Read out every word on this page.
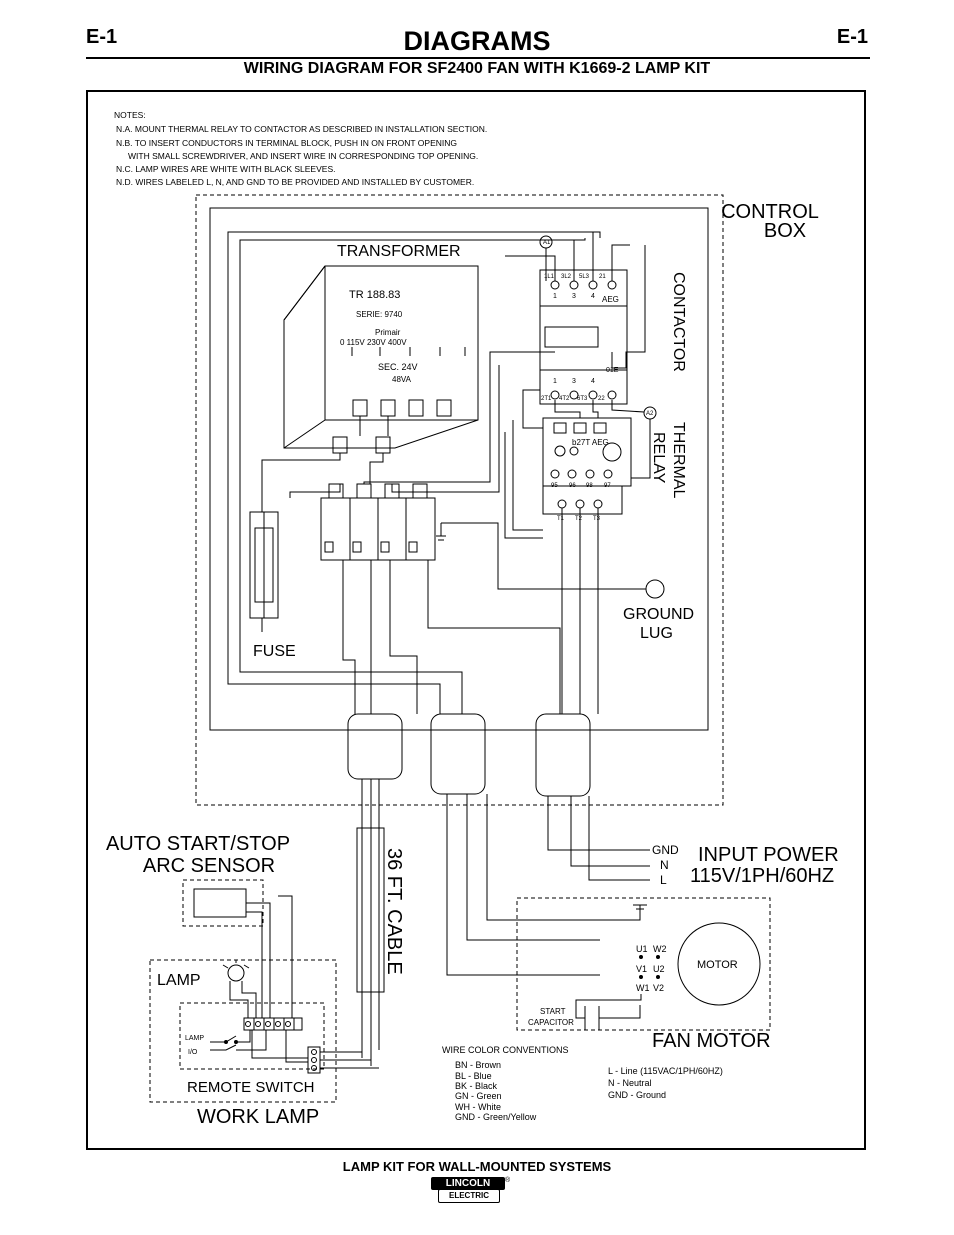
E-1	E-1
DIAGRAMS
WIRING DIAGRAM FOR SF2400 FAN WITH K1669-2 LAMP KIT
NOTES:
N.A. MOUNT THERMAL RELAY TO CONTACTOR AS DESCRIBED IN INSTALLATION SECTION.
N.B. TO INSERT CONDUCTORS IN TERMINAL BLOCK, PUSH IN ON FRONT OPENING
WITH SMALL SCREWDRIVER, AND INSERT WIRE IN CORRESPONDING TOP OPENING.
N.C. LAMP WIRES ARE WHITE WITH BLACK SLEEVES.
N.D. WIRES LABELED L, N, AND GND TO BE PROVIDED AND INSTALLED BY CUSTOMER.
CONTROL
BOX
TRANSFORMER
TR 188.83
SERIE: 9740
Primair
0 115V 230V 400V
SEC. 24V
48VA
A1
A2
1L1 3L2 5L3 21
1 3 4 AEG
01E
1 3 4
2T1 4T2 6T3 22
CONTACTOR
b27T AEG
95 96 98 97
T1 T2 T3
THERMAL
RELAY
FUSE
GROUND
LUG
36 FT. CABLE	INPUT POWER
115V/1PH/60HZ
GND
N
L
MOTOR
U1 W2
V1 U2
W1 V2
START
CAPACITOR
FAN MOTOR
AUTO START/STOP
ARC SENSOR
LAMP
LAMP
I/O
REMOTE SWITCH
WORK LAMP
WIRE COLOR CONVENTIONS
BN - Brown
BL - Blue
BK - Black
GN - Green
WH - White
GND - Green/Yellow
L - Line (115VAC/1PH/60HZ)
N - Neutral
GND - Ground
LAMP KIT FOR WALL-MOUNTED SYSTEMS
LINCOLN
ELECTRIC
®
